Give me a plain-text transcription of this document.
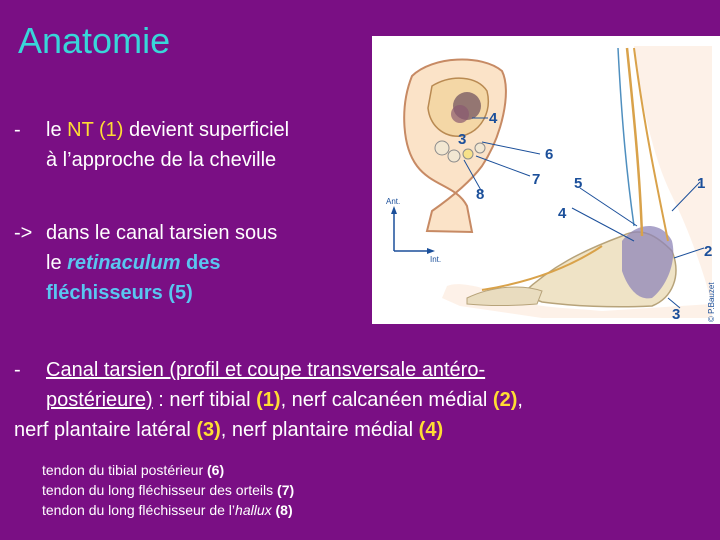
Anatomie
- le NT (1) devient superficiel
à l’approche de la cheville
-> dans le canal tarsien sous
le retinaculum des
fléchisseurs (5)
- Canal tarsien (profil et coupe transversale antéro-
postérieure) : nerf tibial (1), nerf calcanéen médial (2),
nerf plantaire latéral (3), nerf plantaire médial (4)
tendon du tibial postérieur (6)
tendon du long fléchisseur des orteils (7)
tendon du long fléchisseur de l’hallux (8)
Ant.
Int.
3
4
6
7
8
5
4
1
2
3	© P.Bauzet
